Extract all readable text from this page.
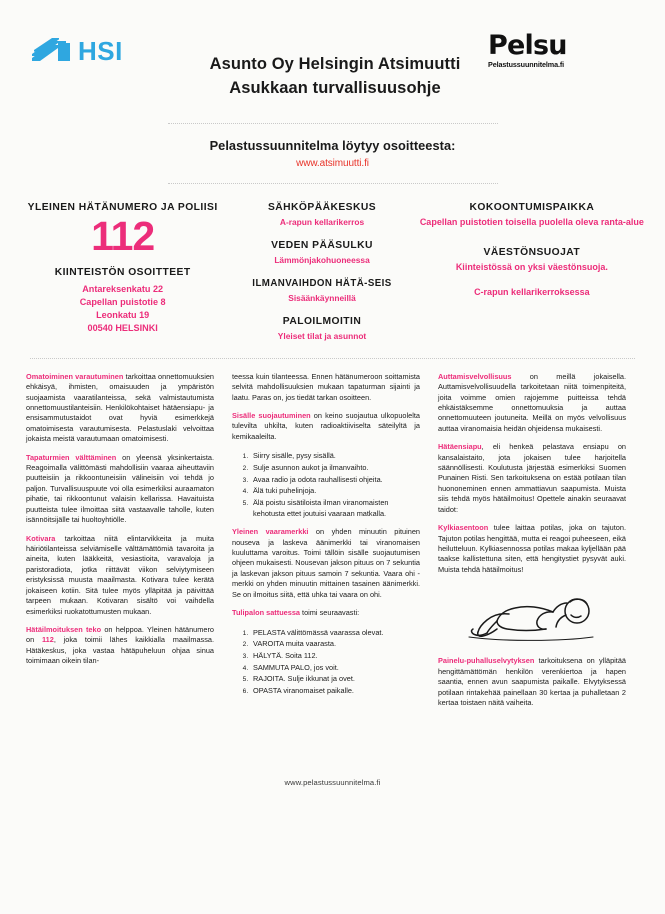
HSI	Asunto Oy Helsingin Atsimuutti
Asukkaan turvallisuusohje
Pelsu
Pelastussuunnitelma.fi
Pelastussuunnitelma löytyy osoitteesta:
www.atsimuutti.fi
YLEINEN HÄTÄNUMERO JA POLIISI
112
KIINTEISTÖN OSOITTEET
Antareksenkatu 22
Capellan puistotie 8
Leonkatu 19
00540 HELSINKI
SÄHKÖPÄÄKESKUS
A-rapun kellarikerros
VEDEN PÄÄSULKU
Lämmönjakohuoneessa
ILMANVAIHDON HÄTÄ-SEIS
Sisäänkäynneillä
PALOILMOITIN
Yleiset tilat ja asunnot
KOKOONTUMISPAIKKA
Capellan puistotien toisella puolella oleva ranta-alue
VÄESTÖNSUOJAT
Kiinteistössä on yksi väestönsuoja.
C-rapun kellarikerroksessa

Omatoiminen varautuminen tarkoittaa onnettomuuksien ehkäisyä, ihmisten, omaisuuden ja ympäristön suojaamista vaaratilanteissa, sekä valmistautumista onnettomuustilanteisiin. Henkilökohtaiset hätäensiapu- ja ensisammutustaidot ovat hyviä esimerkkejä omatoimisesta varautumisesta. Pelastuslaki velvoittaa jokaista meistä varautumaan omatoimisesti.

Tapaturmien välttäminen on yleensä yksinkertaista. Reagoimalla välittömästi mahdollisiin vaaraa aiheuttaviin puutteisiin ja rikkoontuneisiin välineisiin voi tehdä jo paljon. Turvallisuuspuute voi olla esimerkiksi auraamaton pihatie, tai rikkoontunut valaisin kellarissa. Havaituista puutteista tulee ilmoittaa siitä vastaavalle taholle, kuten isännöitsijälle tai huoltoyhtiölle.

Kotivara tarkoittaa niitä elintarvikkeita ja muita häiriötilanteissa selviämiselle välttämättömiä tavaroita ja aineita, kuten lääkkeitä, vesiastioita, varavaloja ja paristoradiota, jotka riittävät viikon selviytymiseen eristyksissä muusta maailmasta. Kotivara tulee kerätä jokaiseen kotiin. Sitä tulee myös ylläpitää ja päivittää tarpeen mukaan. Kotivaran sisältö voi vaihdella esimerkiksi ruokatottumusten mukaan.

Hätäilmoituksen teko on helppoa. Yleinen hätänumero on 112, joka toimii lähes kaikkialla maailmassa. Hätäkeskus, joka vastaa hätäpuheluun ohjaa sinua toimimaan oikein tilan-

teessa kuin tilanteessa. Ennen hätänumeroon soittamista selvitä mahdollisuuksien mukaan tapaturman sijainti ja laatu. Paras on, jos tiedät tarkan osoitteen.

Sisälle suojautuminen on keino suojautua ulkopuolelta tulevilta uhkilta, kuten radioaktiiviselta säteilyltä ja kemikaaleilta.

1. Siirry sisälle, pysy sisällä.
2. Sulje asunnon aukot ja ilmanvaihto.
3. Avaa radio ja odota rauhallisesti ohjeita.
4. Älä tuki puhelinjoja.
5. Älä poistu sisätiloista ilman viranomaisten kehotusta ettet joutuisi vaaraan matkalla.

Yleinen vaaramerkki on yhden minuutin pituinen nouseva ja laskeva äänimerkki tai viranomaisen kuuluttama varoitus. Toimi tällöin sisälle suojautumisen ohjeen mukaisesti. Nousevan jakson pituus on 7 sekuntia ja laskevan jakson pituus samoin 7 sekuntia. Vaara ohi -merkki on yhden minuutin mittainen tasainen äänimerkki. Se on ilmoitus siitä, että uhka tai vaara on ohi.

Tulipalon sattuessa toimi seuraavasti:

1. PELASTA välittömässä vaarassa olevat.
2. VAROITA muita vaarasta.
3. HÄLYTÄ. Soita 112.
4. SAMMUTA PALO, jos voit.
5. RAJOITA. Sulje ikkunat ja ovet.
6. OPASTA viranomaiset paikalle.

Auttamisvelvollisuus on meillä jokaisella. Auttamisvelvollisuudella tarkoitetaan niitä toimenpiteitä, joita voimme omien rajojemme puitteissa tehdä ehkäistäksemme onnettomuuksia ja auttaa onnettomuuteen joutuneita. Meillä on myös velvollisuus auttaa viranomaisia heidän ohjeidensa mukaisesti.

Hätäensiapu, eli henkeä pelastava ensiapu on kansalaistaito, jota jokaisen tulee harjoitella säännöllisesti. Koulutusta järjestää esimerkiksi Suomen Punainen Risti. Sen tarkoituksena on estää potilaan tilan huononeminen ennen ammattiavun saapumista. Muista siis tehdä myös hätäilmoitus! Opettele ainakin seuraavat taidot:

Kylkiasentoon tulee laittaa potilas, joka on tajuton. Tajuton potilas hengittää, mutta ei reagoi puheeseen, eikä heilutteluun. Kylkiasennossa potilas makaa kyljellään pää taakse kallistettuna siten, että hengitystiet pysyvät auki. Muista tehdä hätäilmoitus!

Painelu-puhalluselvytyksen tarkoituksena on ylläpitää hengittämättömän henkilön verenkiertoa ja hapen saantia, ennen avun saapumista paikalle. Elvytyksessä potilaan rintakehää painellaan 30 kertaa ja puhalletaan 2 kertaa toistaen näitä vaiheita.

www.pelastussuunnitelma.fi
